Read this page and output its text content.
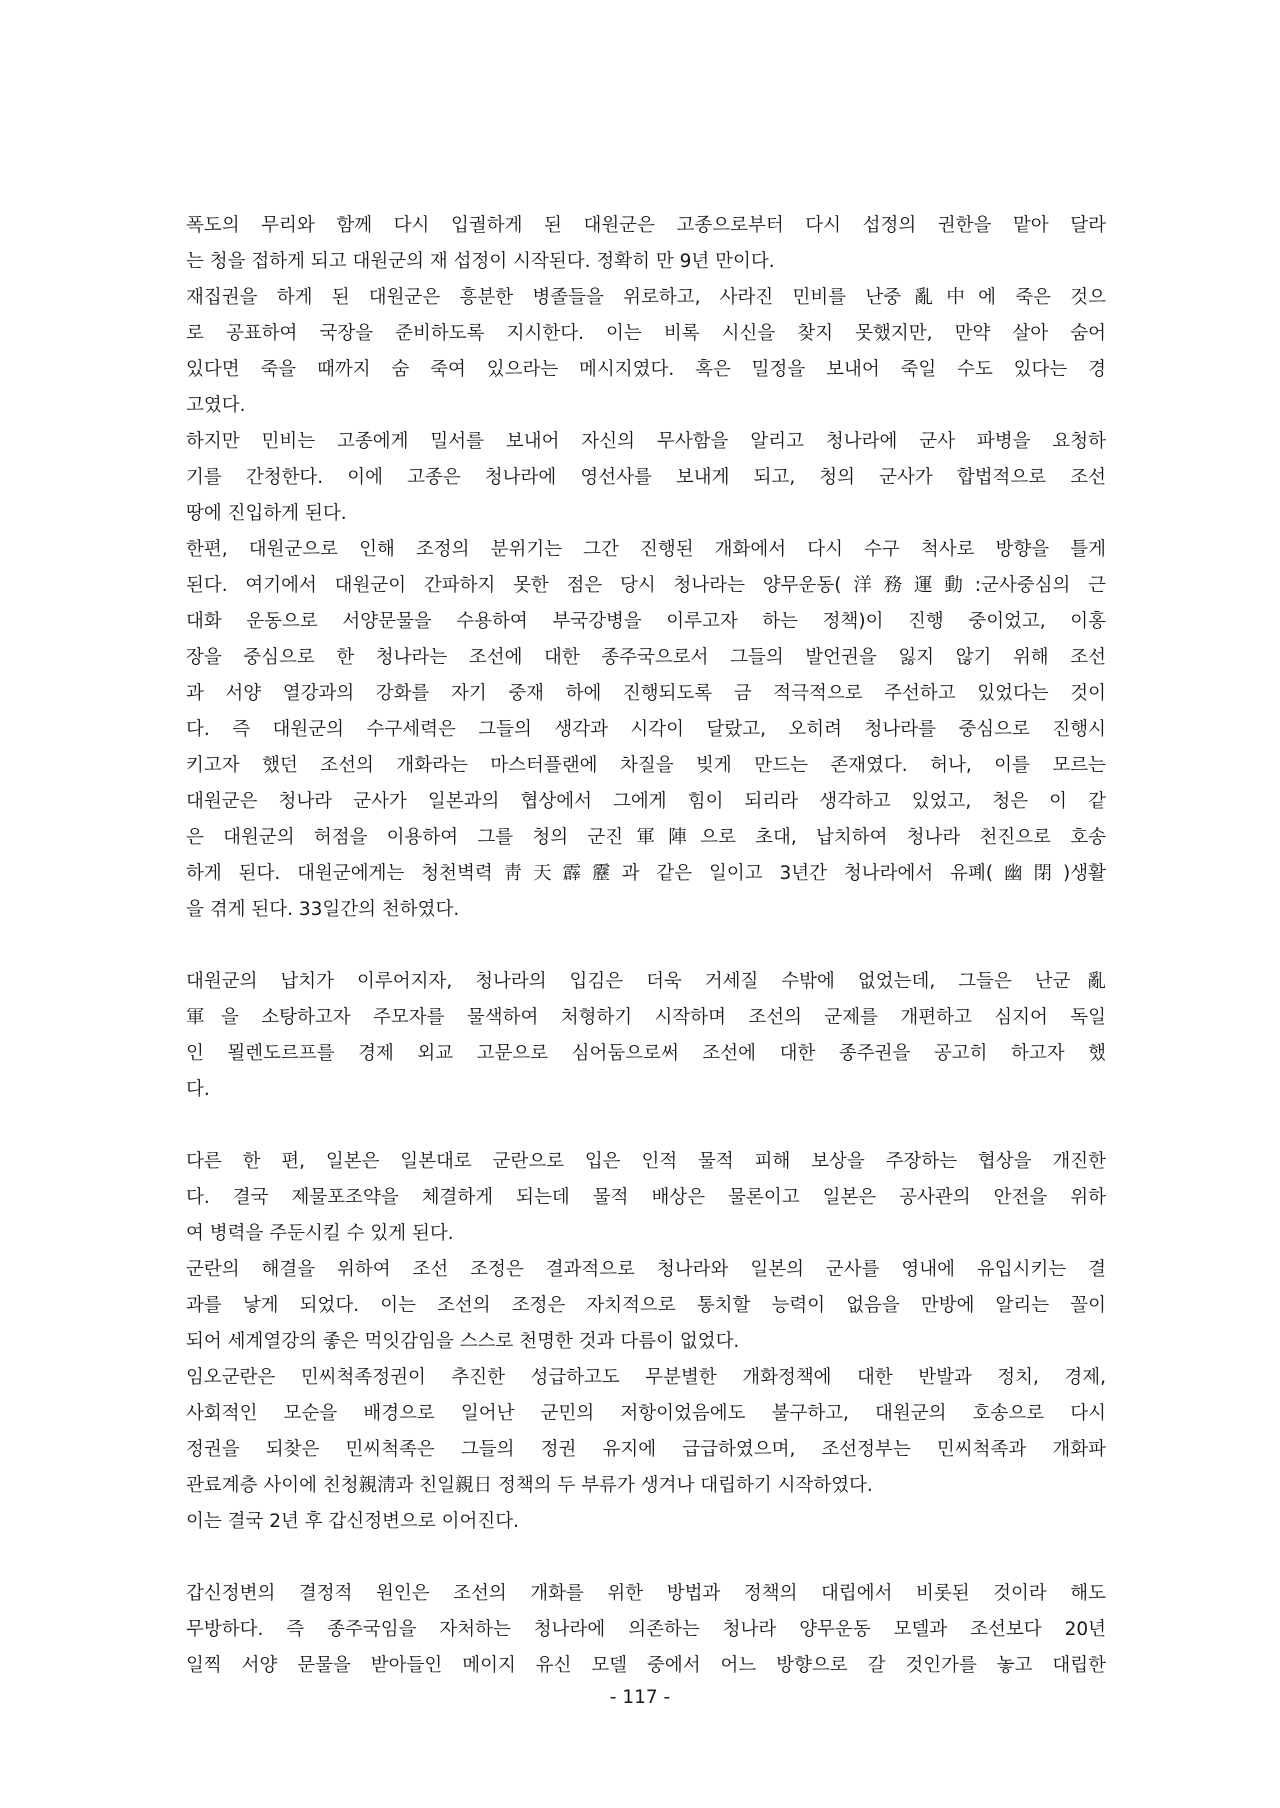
폭도의 무리와 함께 다시 입궐하게 된 대원군은 고종으로부터 다시 섭정의 권한을 맡아 달라
는 청을 접하게 되고 대원군의 재 섭정이 시작된다. 정확히 만 9년 만이다.
재집권을 하게 된 대원군은 흥분한 병졸들을 위로하고, 사라진 민비를 난중亂中에 죽은 것으
로 공표하여 국장을 준비하도록 지시한다. 이는 비록 시신을 찾지 못했지만, 만약 살아 숨어
있다면 죽을 때까지 숨 죽여 있으라는 메시지였다. 혹은 밀정을 보내어 죽일 수도 있다는 경
고였다.
하지만 민비는 고종에게 밀서를 보내어 자신의 무사함을 알리고 청나라에 군사 파병을 요청하
기를 간청한다. 이에 고종은 청나라에 영선사를 보내게 되고, 청의 군사가 합법적으로 조선
땅에 진입하게 된다.
한편, 대원군으로 인해 조정의 분위기는 그간 진행된 개화에서 다시 수구 척사로 방향을 틀게
된다. 여기에서 대원군이 간파하지 못한 점은 당시 청나라는 양무운동(洋務運動:군사중심의 근
대화 운동으로 서양문물을 수용하여 부국강병을 이루고자 하는 정책)이 진행 중이었고, 이홍
장을 중심으로 한 청나라는 조선에 대한 종주국으로서 그들의 발언권을 잃지 않기 위해 조선
과 서양 열강과의 강화를 자기 중재 하에 진행되도록 금 적극적으로 주선하고 있었다는 것이
다. 즉 대원군의 수구세력은 그들의 생각과 시각이 달랐고, 오히려 청나라를 중심으로 진행시
키고자 했던 조선의 개화라는 마스터플랜에 차질을 빚게 만드는 존재였다. 허나, 이를 모르는
대원군은 청나라 군사가 일본과의 협상에서 그에게 힘이 되리라 생각하고 있었고, 청은 이 같
은 대원군의 허점을 이용하여 그를 청의 군진軍陣으로 초대, 납치하여 청나라 천진으로 호송
하게 된다. 대원군에게는 청천벽력靑天霹靂과 같은 일이고 3년간 청나라에서 유폐(幽閉)생활
을 겪게 된다. 33일간의 천하였다.
대원군의 납치가 이루어지자, 청나라의 입김은 더욱 거세질 수밖에 없었는데, 그들은 난군亂
軍을 소탕하고자 주모자를 물색하여 처형하기 시작하며 조선의 군제를 개편하고 심지어 독일
인 묄렌도르프를 경제 외교 고문으로 심어둠으로써 조선에 대한 종주권을 공고히 하고자 했
다.
다른 한 편, 일본은 일본대로 군란으로 입은 인적 물적 피해 보상을 주장하는 협상을 개진한
다. 결국 제물포조약을 체결하게 되는데 물적 배상은 물론이고 일본은 공사관의 안전을 위하
여 병력을 주둔시킬 수 있게 된다.
군란의 해결을 위하여 조선 조정은 결과적으로 청나라와 일본의 군사를 영내에 유입시키는 결
과를 낳게 되었다. 이는 조선의 조정은 자치적으로 통치할 능력이 없음을 만방에 알리는 꼴이
되어 세계열강의 좋은 먹잇감임을 스스로 천명한 것과 다름이 없었다.
임오군란은 민씨척족정권이 추진한 성급하고도 무분별한 개화정책에 대한 반발과 정치, 경제,
사회적인 모순을 배경으로 일어난 군민의 저항이었음에도 불구하고, 대원군의 호송으로 다시
정권을 되찾은 민씨척족은 그들의 정권 유지에 급급하였으며, 조선정부는 민씨척족과 개화파
관료계층 사이에 친청親淸과 친일親日 정책의 두 부류가 생겨나 대립하기 시작하였다.
이는 결국 2년 후 갑신정변으로 이어진다.
갑신정변의 결정적 원인은 조선의 개화를 위한 방법과 정책의 대립에서 비롯된 것이라 해도
무방하다. 즉 종주국임을 자처하는 청나라에 의존하는 청나라 양무운동 모델과 조선보다 20년
일찍 서양 문물을 받아들인 메이지 유신 모델 중에서 어느 방향으로 갈 것인가를 놓고 대립한
- 117 -
